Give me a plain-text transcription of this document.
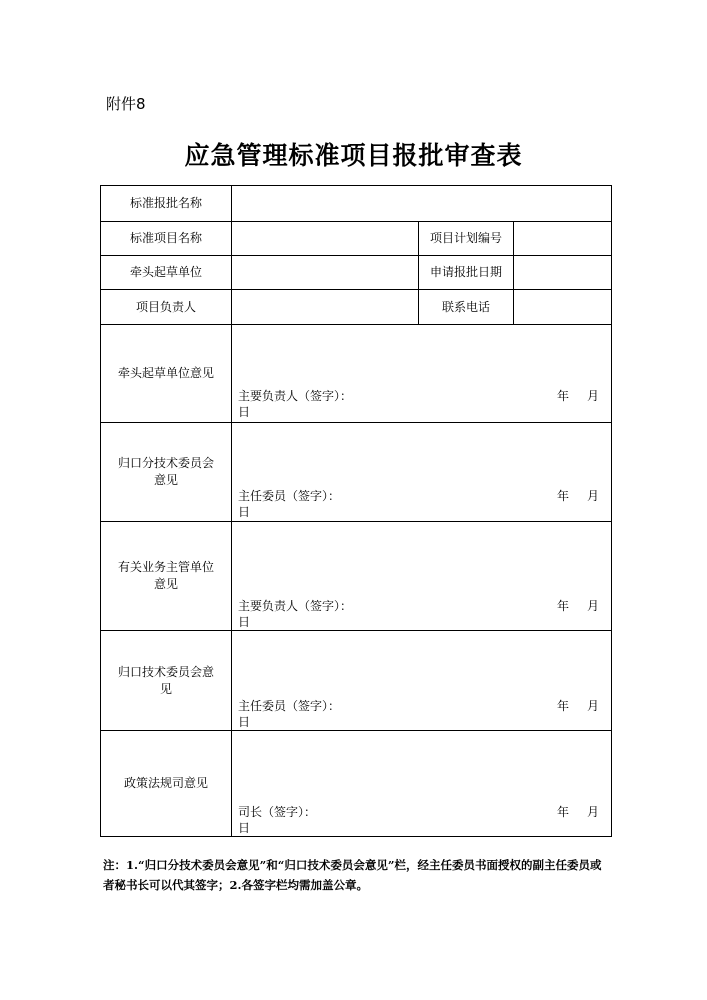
附件8
应急管理标准项目报批审查表
标准报批名称
标准项目名称	项目计划编号
牵头起草单位	申请报批日期
项目负责人	联系电话
牵头起草单位意见
主要负责人（签字）：	年 月
日
归口分技术委员会意见
主任委员（签字）：	年 月
日
有关业务主管单位意见
主要负责人（签字）：	年 月
日
归口技术委员会意见
主任委员（签字）：	年 月
日
政策法规司意见
司长（签字）：	年 月
日
注：1.“归口分技术委员会意见”和“归口技术委员会意见”栏，经主任委员书面授权的副主任委员或者秘书长可以代其签字；2.各签字栏均需加盖公章。
